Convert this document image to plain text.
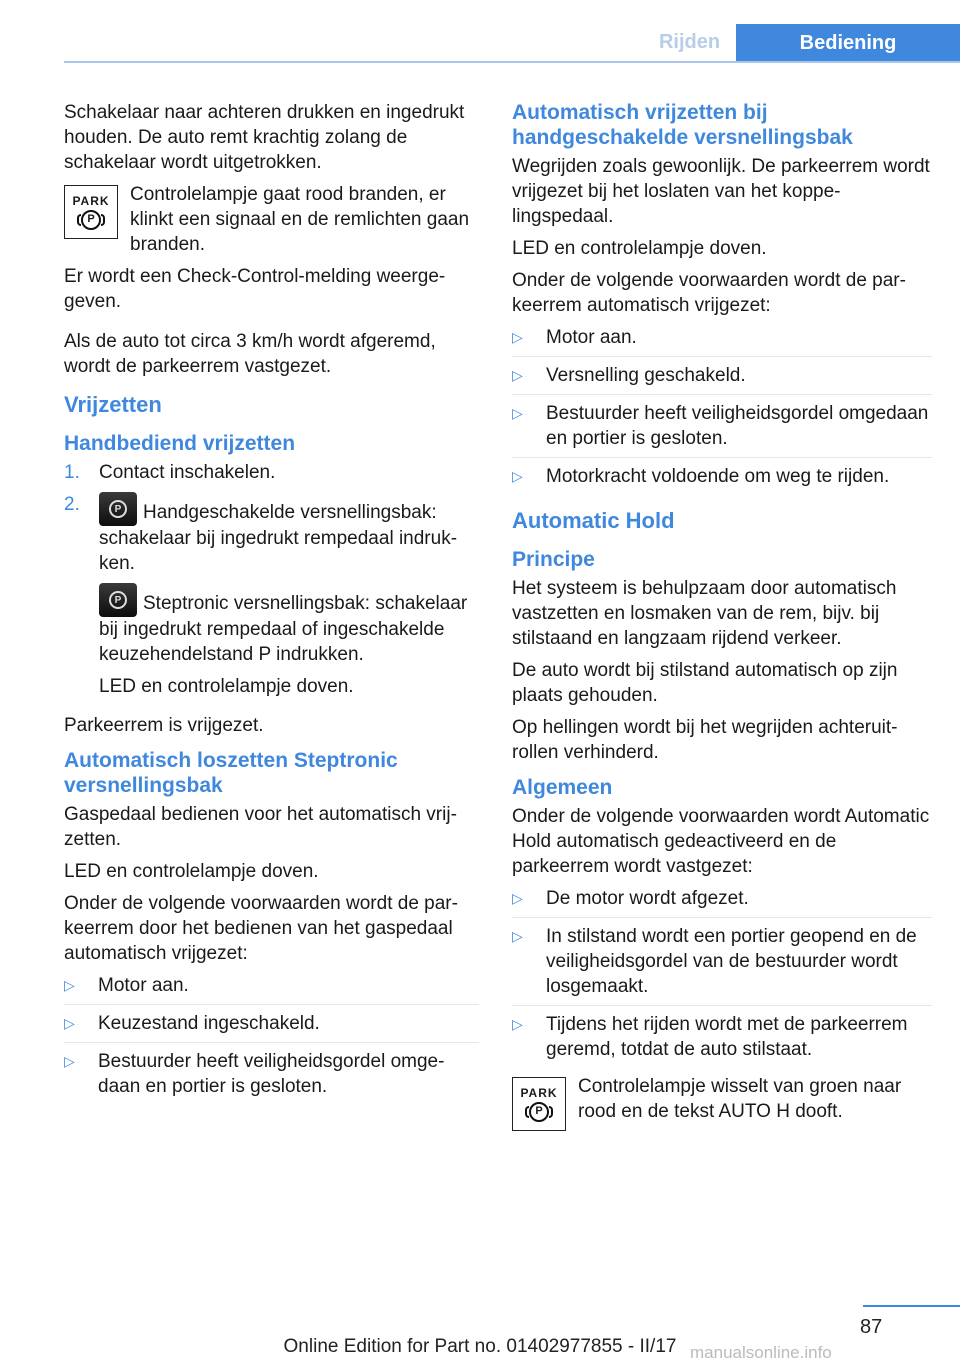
Rijden	Bediening

Schakelaar naar achteren drukken en ingedrukt houden. De auto remt krachtig zolang de schakelaar wordt uitgetrokken.

PARK
P
Controlelampje gaat rood branden, er klinkt een signaal en de remlichten gaan branden.

Er wordt een Check-Control-melding weergegeven.

Als de auto tot circa 3 km/h wordt afgeremd, wordt de parkeerrem vastgezet.

Vrijzetten
Handbediend vrijzetten
1.	Contact inschakelen.
2.	P Handgeschakelde versnellingsbak: schakelaar bij ingedrukt rempedaal indrukken.

P Steptronic versnellingsbak: schakelaar bij ingedrukt rempedaal of ingeschakelde keuzehendelstand P indrukken.

LED en controlelampje doven.

Parkeerrem is vrijgezet.

Automatisch loszetten Steptronic versnellingsbak

Gaspedaal bedienen voor het automatisch vrijzetten.

LED en controlelampje doven.

Onder de volgende voorwaarden wordt de parkeerrem door het bedienen van het gaspedaal automatisch vrijgezet:

▷	Motor aan.
▷	Keuzestand ingeschakeld.
▷	Bestuurder heeft veiligheidsgordel omgedaan en portier is gesloten.
Automatisch vrijzetten bij handgeschakelde versnellingsbak

Wegrijden zoals gewoonlijk. De parkeerrem wordt vrijgezet bij het loslaten van het koppelingspedaal.

LED en controlelampje doven.

Onder de volgende voorwaarden wordt de parkeerrem automatisch vrijgezet:

▷	Motor aan.
▷	Versnelling geschakeld.
▷	Bestuurder heeft veiligheidsgordel omgedaan en portier is gesloten.
▷	Motorkracht voldoende om weg te rijden.
Automatic Hold
Principe

Het systeem is behulpzaam door automatisch vastzetten en losmaken van de rem, bijv. bij stilstaand en langzaam rijdend verkeer.

De auto wordt bij stilstand automatisch op zijn plaats gehouden.

Op hellingen wordt bij het wegrijden achteruitrollen verhinderd.

Algemeen

Onder de volgende voorwaarden wordt Automatic Hold automatisch gedeactiveerd en de parkeerrem wordt vastgezet:

▷	De motor wordt afgezet.
▷	In stilstand wordt een portier geopend en de veiligheidsgordel van de bestuurder wordt losgemaakt.
▷	Tijdens het rijden wordt met de parkeerrem geremd, totdat de auto stilstaat.
PARK
P
Controlelampje wisselt van groen naar rood en de tekst AUTO H dooft.
87
Online Edition for Part no. 01402977855 - II/17 manualsonline.info
